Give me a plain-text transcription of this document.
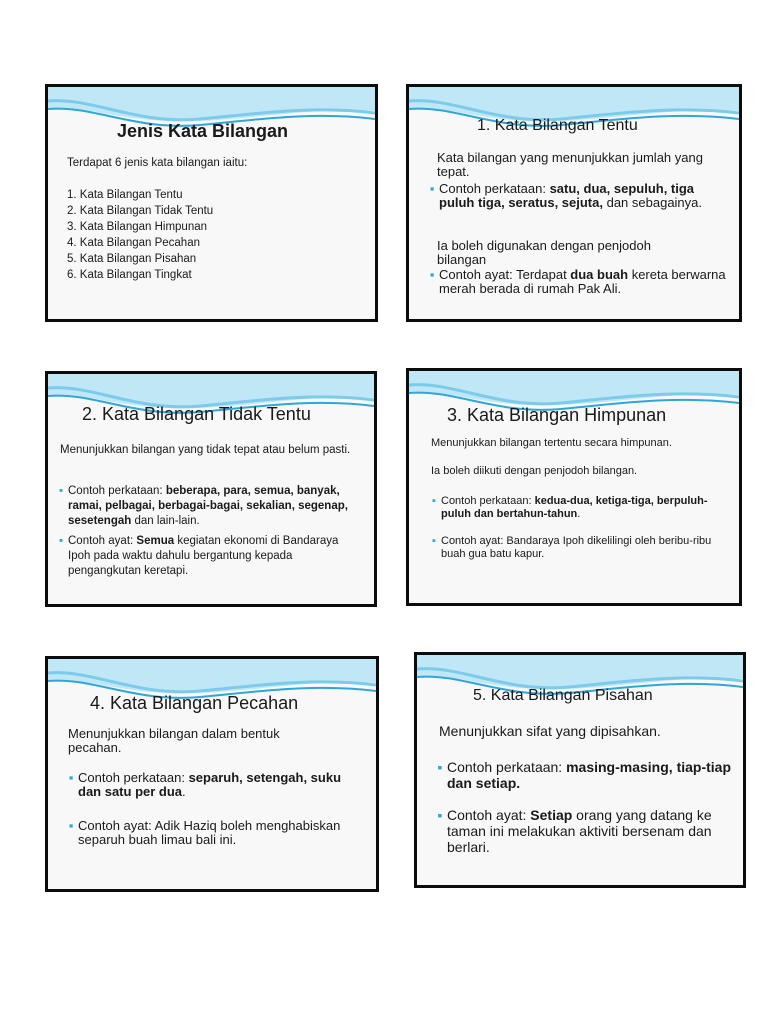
Jenis Kata Bilangan

Terdapat 6 jenis kata bilangan iaitu:

1. Kata Bilangan Tentu
2. Kata Bilangan Tidak Tentu
3. Kata Bilangan Himpunan
4. Kata Bilangan Pecahan
5. Kata Bilangan Pisahan
6. Kata Bilangan Tingkat
1. Kata Bilangan Tentu

Kata bilangan yang menunjukkan jumlah yang tepat.

▪ Contoh perkataan: satu, dua, sepuluh, tiga puluh tiga, seratus, sejuta, dan sebagainya.

Ia boleh digunakan dengan penjodoh bilangan

▪ Contoh ayat: Terdapat dua buah kereta berwarna merah berada di rumah Pak Ali.
2. Kata Bilangan Tidak Tentu

Menunjukkan bilangan yang tidak tepat atau belum pasti.

▪ Contoh perkataan: beberapa, para, semua, banyak, ramai, pelbagai, berbagai-bagai, sekalian, segenap, sesetengah dan lain-lain.
▪ Contoh ayat: Semua kegiatan ekonomi di Bandaraya Ipoh pada waktu dahulu bergantung kepada pengangkutan keretapi.
3. Kata Bilangan Himpunan

Menunjukkan bilangan tertentu secara himpunan.

Ia boleh diikuti dengan penjodoh bilangan.

▪ Contoh perkataan: kedua-dua, ketiga-tiga, berpuluh-puluh dan bertahun-tahun.
▪ Contoh ayat: Bandaraya Ipoh dikelilingi oleh beribu-ribu buah gua batu kapur.
4. Kata Bilangan Pecahan

Menunjukkan bilangan dalam bentuk pecahan.

▪ Contoh perkataan: separuh, setengah, suku dan satu per dua.
▪ Contoh ayat: Adik Haziq boleh menghabiskan separuh buah limau bali ini.
5. Kata Bilangan Pisahan

Menunjukkan sifat yang dipisahkan.

▪ Contoh perkataan: masing-masing, tiap-tiap dan setiap.
▪ Contoh ayat: Setiap orang yang datang ke taman ini melakukan aktiviti bersenam dan berlari.
